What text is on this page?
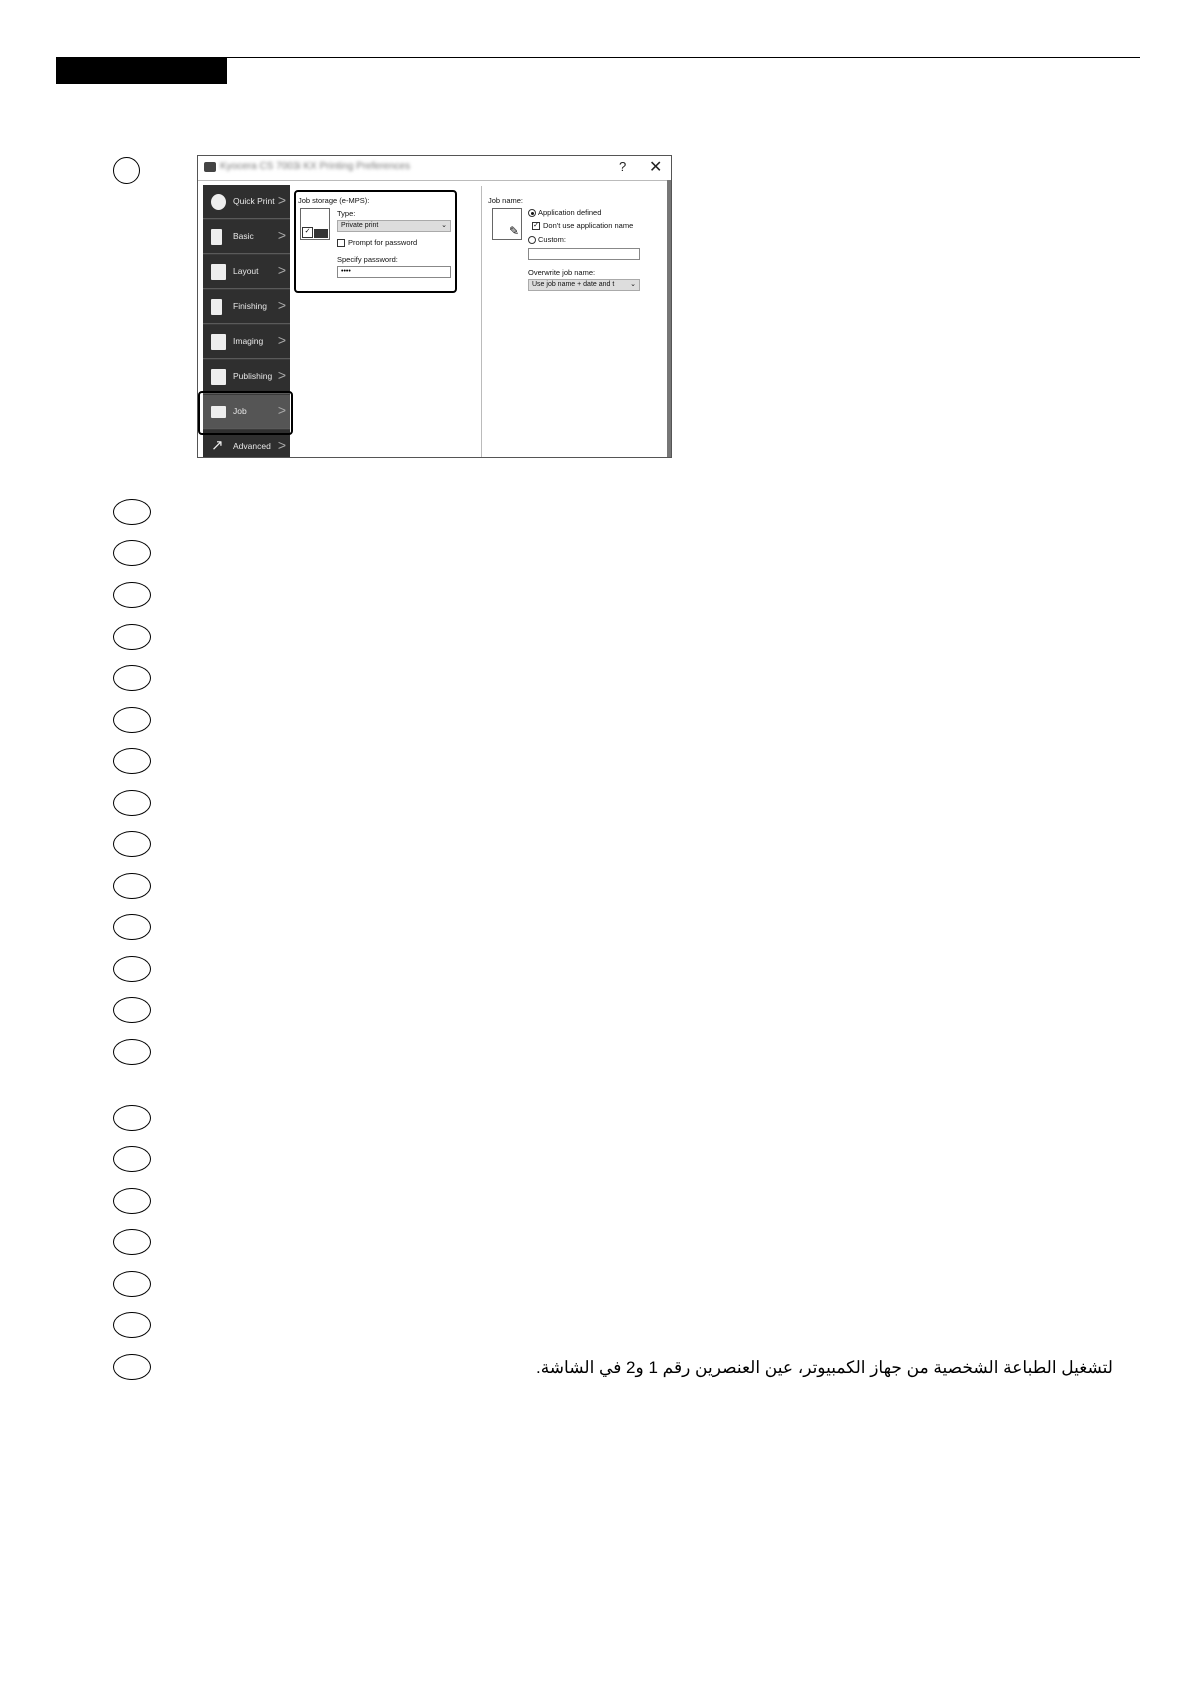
Kyocera CS 7003i KX Printing Preferences	? ✕
Quick Print >
Basic >
Layout >
Finishing >
Imaging >
Publishing >
Job >
↗ Advanced >
Job storage (e-MPS):
✓
Type:
Private print	⌄
Prompt for password
Specify password:
••••
Job name:
✎
Application defined
✓ Don't use application name
Custom:
Overwrite job name:
Use job name + date and t ⌄
لتشغيل الطباعة الشخصية من جهاز الكمبيوتر، عين العنصرين رقم 1 و2 في الشاشة.
